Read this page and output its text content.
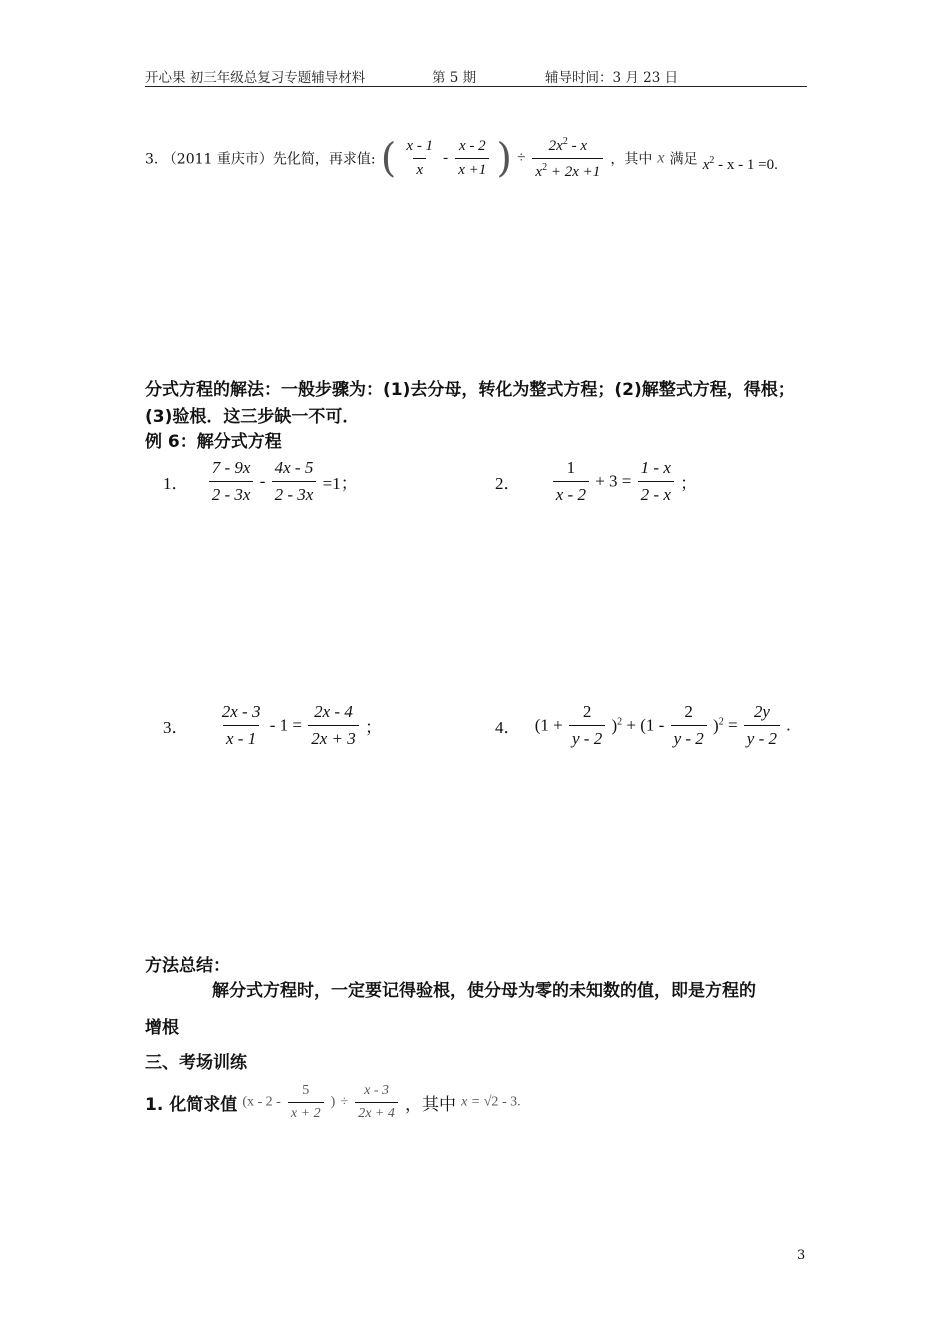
开心果 初三年级总复习专题辅导材料	第 5 期	辅导时间：3 月 23 日
3. （2011 重庆市）先化简，再求值: ( $\frac{x - 1}{x} - \frac{x - 2}{x +1}$ ) ÷ $\frac{2x^2 - x}{x^2 + 2x +1}$ ，其中 x 满足 $x^2 - x - 1 =0$.
分式方程的解法：一般步骤为：(1)去分母，转化为整式方程；(2)解整式方程，得根；
(3)验根．这三步缺一不可．
例 6：解分式方程
1． $\frac{7 - 9x}{2 - 3x} - \frac{4x - 5}{2 - 3x} =1$；	2． $\frac{1}{x - 2} + 3 = \frac{1 - x}{2 - x}$ ；
3． $\frac{2x - 3}{x - 1} - 1 = \frac{2x - 4}{2x + 3}$ ；	4． $(1 + \frac{2}{y - 2} )^2 + (1 - \frac{2}{y - 2} )^2 = \frac{2y}{y - 2}$ .
方法总结：
解分式方程时，一定要记得验根，使分母为零的未知数的值，即是方程的
增根
三、考场训练
1. 化简求值 ($x - 2 - \frac{5}{x + 2}$ ) ÷ $\frac{x - 3}{2x + 4}$ ，其中 x = √2 - 3.
3
